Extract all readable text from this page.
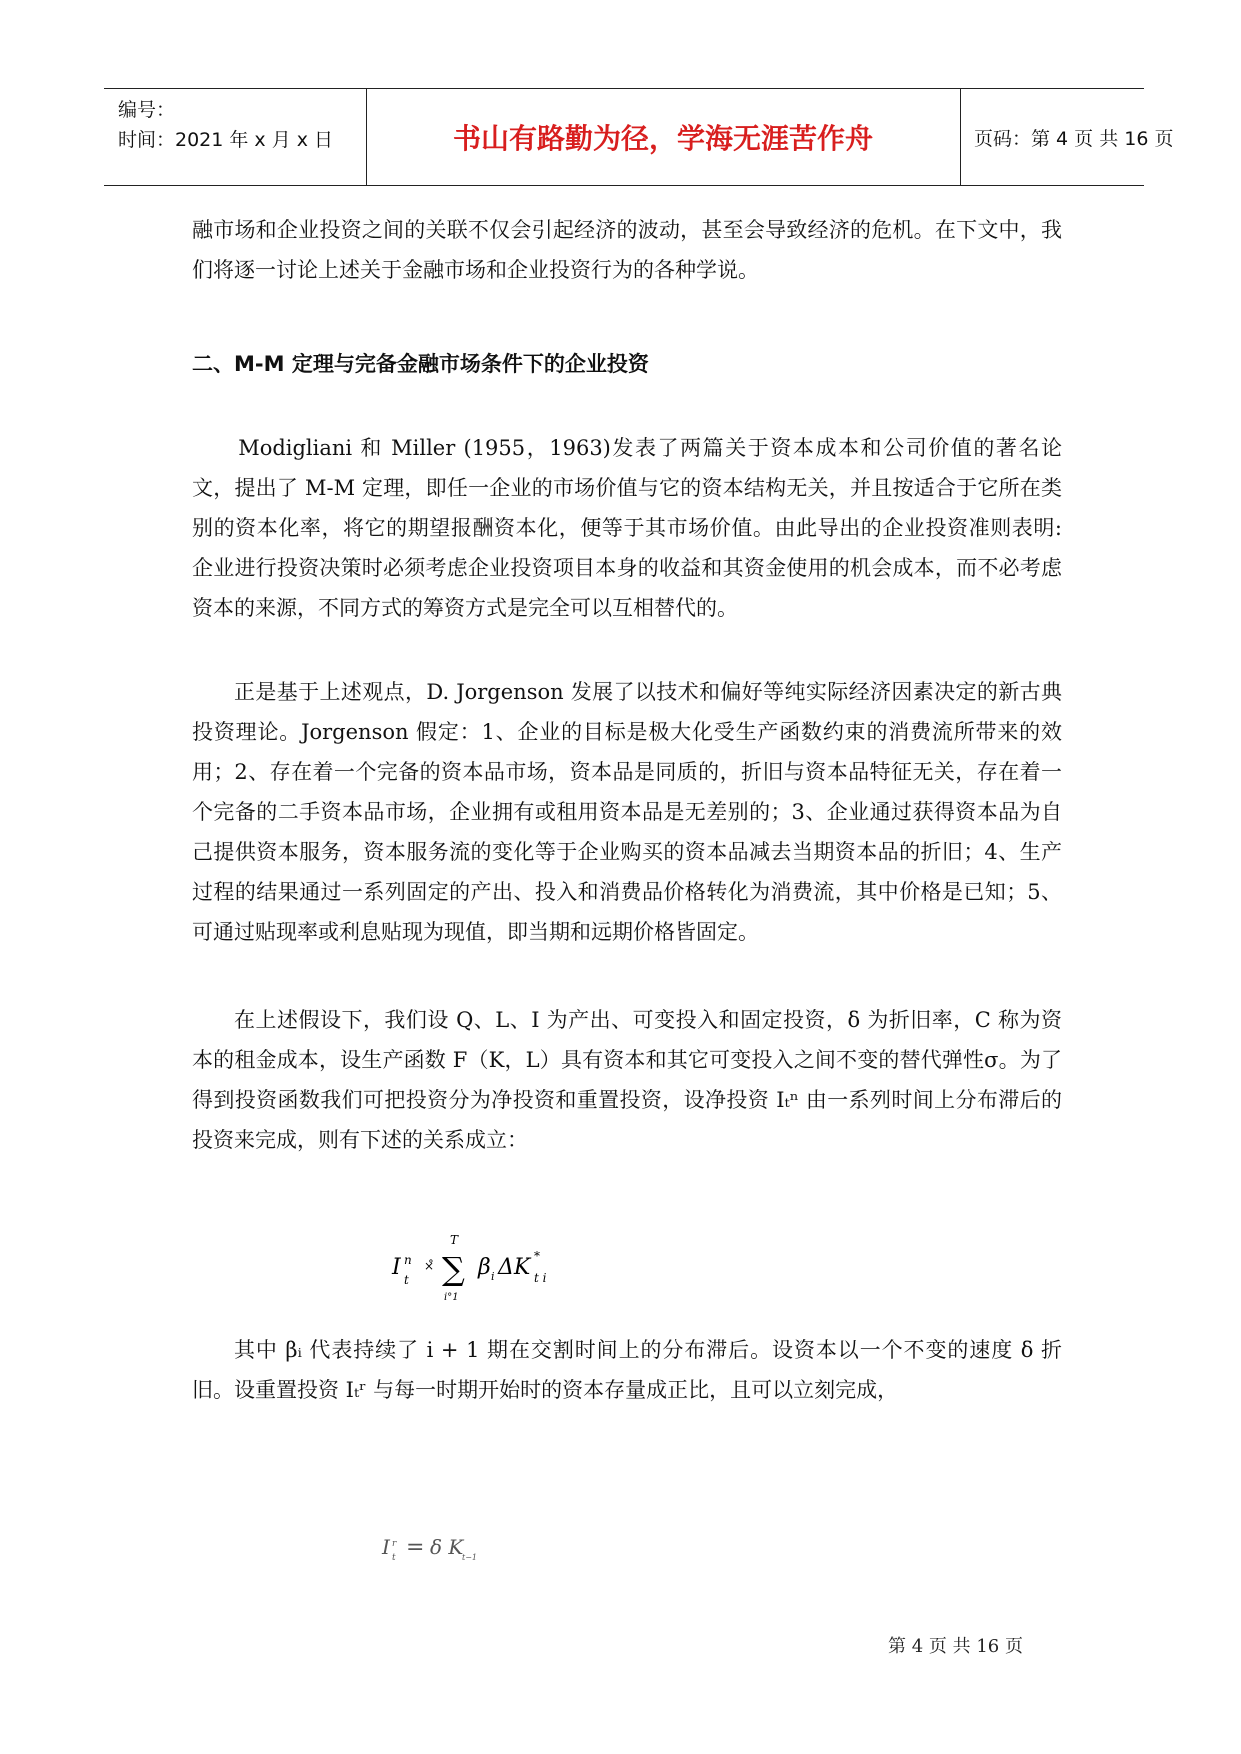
编号：
时间：2021 年 x 月 x 日	书山有路勤为径，学海无涯苦作舟	页码：第 4 页 共 16 页

融市场和企业投资之间的关联不仅会引起经济的波动，甚至会导致经济的危机。在下文中，我们将逐一讨论上述关于金融市场和企业投资行为的各种学说。

二、M-M 定理与完备金融市场条件下的企业投资

Modigliani 和 Miller (1955，1963)发表了两篇关于资本成本和公司价值的著名论文，提出了 M-M 定理，即任一企业的市场价值与它的资本结构无关，并且按适合于它所在类别的资本化率，将它的期望报酬资本化，便等于其市场价值。由此导出的企业投资准则表明: 企业进行投资决策时必须考虑企业投资项目本身的收益和其资金使用的机会成本，而不必考虑资本的来源，不同方式的筹资方式是完全可以互相替代的。

正是基于上述观点，D. Jorgenson 发展了以技术和偏好等纯实际经济因素决定的新古典投资理论。Jorgenson 假定：1、企业的目标是极大化受生产函数约束的消费流所带来的效用；2、存在着一个完备的资本品市场，资本品是同质的，折旧与资本品特征无关，存在着一个完备的二手资本品市场，企业拥有或租用资本品是无差别的；3、企业通过获得资本品为自己提供资本服务，资本服务流的变化等于企业购买的资本品减去当期资本品的折旧；4、生产过程的结果通过一系列固定的产出、投入和消费品价格转化为消费流，其中价格是已知；5、可通过贴现率或利息贴现为现值，即当期和远期价格皆固定。

在上述假设下，我们设 Q、L、I 为产出、可变投入和固定投资，δ 为折旧率，C 称为资本的租金成本，设生产函数 F（K，L）具有资本和其它可变投入之间不变的替代弹性σ。为了得到投资函数我们可把投资分为净投资和重置投资，设净投资 Iₜⁿ 由一系列时间上分布滞后的投资来完成，则有下述的关系成立：

I n
t
×̊
T
∑
i°1
β i ΔK *
t i

其中 βᵢ 代表持续了 i + 1 期在交割时间上的分布滞后。设资本以一个不变的速度 δ 折旧。设重置投资 Iₜʳ 与每一时期开始时的资本存量成正比，且可以立刻完成，

I r
t = δ K
t−1
第 4 页 共 16 页
